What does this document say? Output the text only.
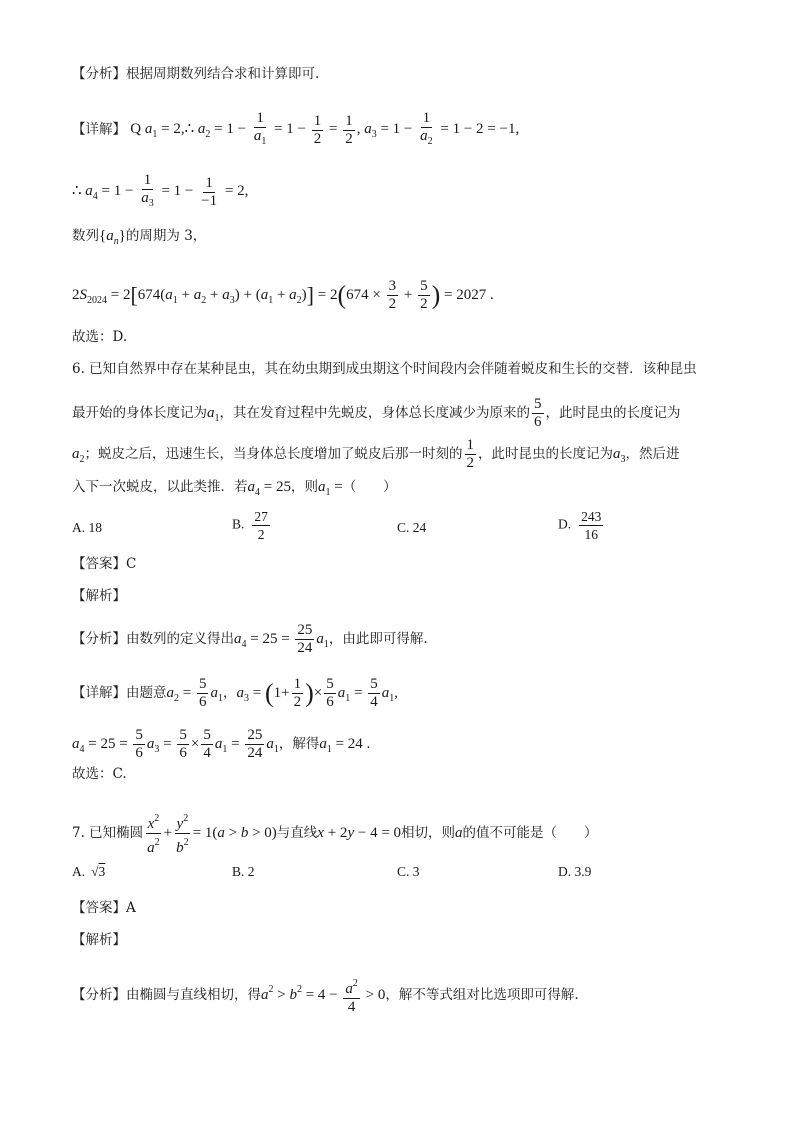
【分析】根据周期数列结合求和计算即可.
【详解】 Q $a_1$ = 2,∴ $a_2 = 1 - \frac{1}{a_1} = 1 - \frac{1}{2} = \frac{1}{2}$ , $a_3 = 1 - \frac{1}{a_2} = 1 - 2 = -1$,
∴ $a_4 = 1 - \frac{1}{a_3} = 1 - \frac{1}{-1} = 2$,
数列$\{a_n\}$的周期为 3，
$2S_{2024} = 2[674(a_1 + a_2 + a_3) + (a_1 + a_2)] = 2(674 \times \frac{3}{2} + \frac{5}{2}$ ) = 2027 .
故选：D.
6. 已知自然界中存在某种昆虫，其在幼虫期到成虫期这个时间段内会伴随着蜕皮和生长的交替．该种昆虫
最开始的身体长度记为$a_1$，其在发育过程中先蜕皮，身体总长度减少为原来的 $\frac{5}{6}$ ，此时昆虫的长度记为
$a_2$；蜕皮之后，迅速生长，当身体总长度增加了蜕皮后那一时刻的 $\frac{1}{2}$ ，此时昆虫的长度记为$a_3$，然后进
入下一次蜕皮，以此类推．若$a_4 = 25$，则$a_1$ =（　　）
A. 18	B. $\frac{27}{2}$	C. 24	D. $\frac{243}{16}$
【答案】C
【解析】
【分析】由数列的定义得出$a_4 = 25 = \frac{25}{24} a_1$，由此即可得解.
【详解】由题意$a_2 = \frac{5}{6} a_1$，$a_3 = (1+ \frac{1}{2}$ )× $\frac{5}{6} a_1 = \frac{5}{4} a_1$,
$a_4 = 25 = \frac{5}{6} a_3 = \frac{5}{6} \times \frac{5}{4} a_1 = \frac{25}{24} a_1$，解得$a_1 = 24$ .
故选：C.
7. 已知椭圆 $\frac{x^2}{a^2} + \frac{y^2}{b^2} = 1(a > b > 0)$与直线x + 2y − 4 = 0相切，则a的值不可能是（　　）
A. √3	B. 2	C. 3	D. 3.9
【答案】A
【解析】
【分析】由椭圆与直线相切，得$a^2 > b^2 = 4 - \frac{a^2}{4} > 0$，解不等式组对比选项即可得解.
